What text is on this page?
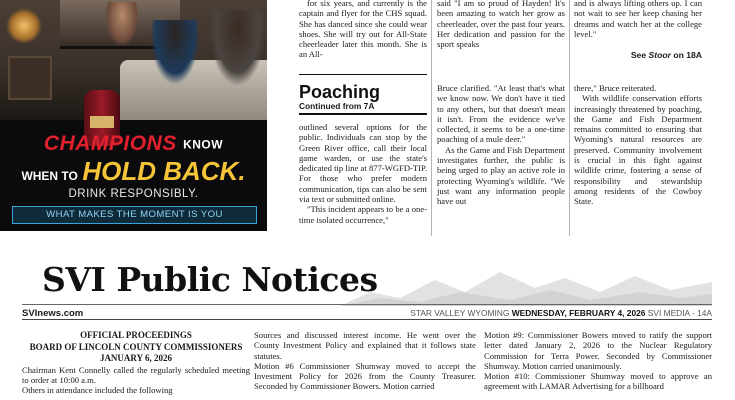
CHAMPIONS KNOW
WHEN TO HOLD BACK.
DRINK RESPONSIBLY.
WHAT MAKES THE MOMENT IS YOU

for six years, and currently is the captain and flyer for the CHS squad. She has danced since she could wear shoes. She will try out for All-State cheerleader later this month. She is an All-

Poaching
Continued from 7A

outlined several options for the public. Individuals can stop by the Green River office, call their local game warden, or use the state's dedicated tip line at 877-WGFD-TIP. For those who prefer modern communication, tips can also be sent via text or submitted online.

"This incident appears to be a one-time isolated occurrence,"

said "I am so proud of Hayden! It's been amazing to watch her grow as cheerleader, over the past four years. Her dedication and passion for the sport speaks

Bruce clarified. "At least that's what we know now. We don't have it tied to any others, but that doesn't mean it isn't. From the evidence we've collected, it seems to be a one-time poaching of a mule deer."

As the Game and Fish Department investigates further, the public is being urged to play an active role in protecting Wyoming's wildlife. "We just want any information people have out

and is always lifting others up. I can not wait to see her keep chasing her dreams and watch her at the college level."

See Stoor on 18A

there," Bruce reiterated.

With wildlife conservation efforts increasingly threatened by poaching, the Game and Fish Department remains committed to ensuring that Wyoming's natural resources are preserved. Community involvement is crucial in this fight against wildlife crime, fostering a sense of responsibility and stewardship among residents of the Cowboy State.

SVI Public Notices
SVInews.com	STAR VALLEY WYOMING WEDNESDAY, FEBRUARY 4, 2026 SVI MEDIA - 14A
OFFICIAL PROCEEDINGS
BOARD OF LINCOLN COUNTY COMMISSIONERS
JANUARY 6, 2026

Chairman Kent Connelly called the regularly scheduled meeting to order at 10:00 a.m.

Others in attendance included the following

Sources and discussed interest income. He went over the County Investment Policy and explained that it follows state statutes.

Motion #6 Commissioner Shumway moved to accept the Investment Policy for 2026 from the County Treasurer. Seconded by Commissioner Bowers. Motion carried

Motion #9: Commissioner Bowers moved to ratify the support letter dated January 2, 2026 to the Nuclear Regulatory Commission for Terra Power. Seconded by Commissioner Shumway. Motion carried unanimously.

Motion #10: Commissioner Shumway moved to approve an agreement with LAMAR Advertising for a billboard
